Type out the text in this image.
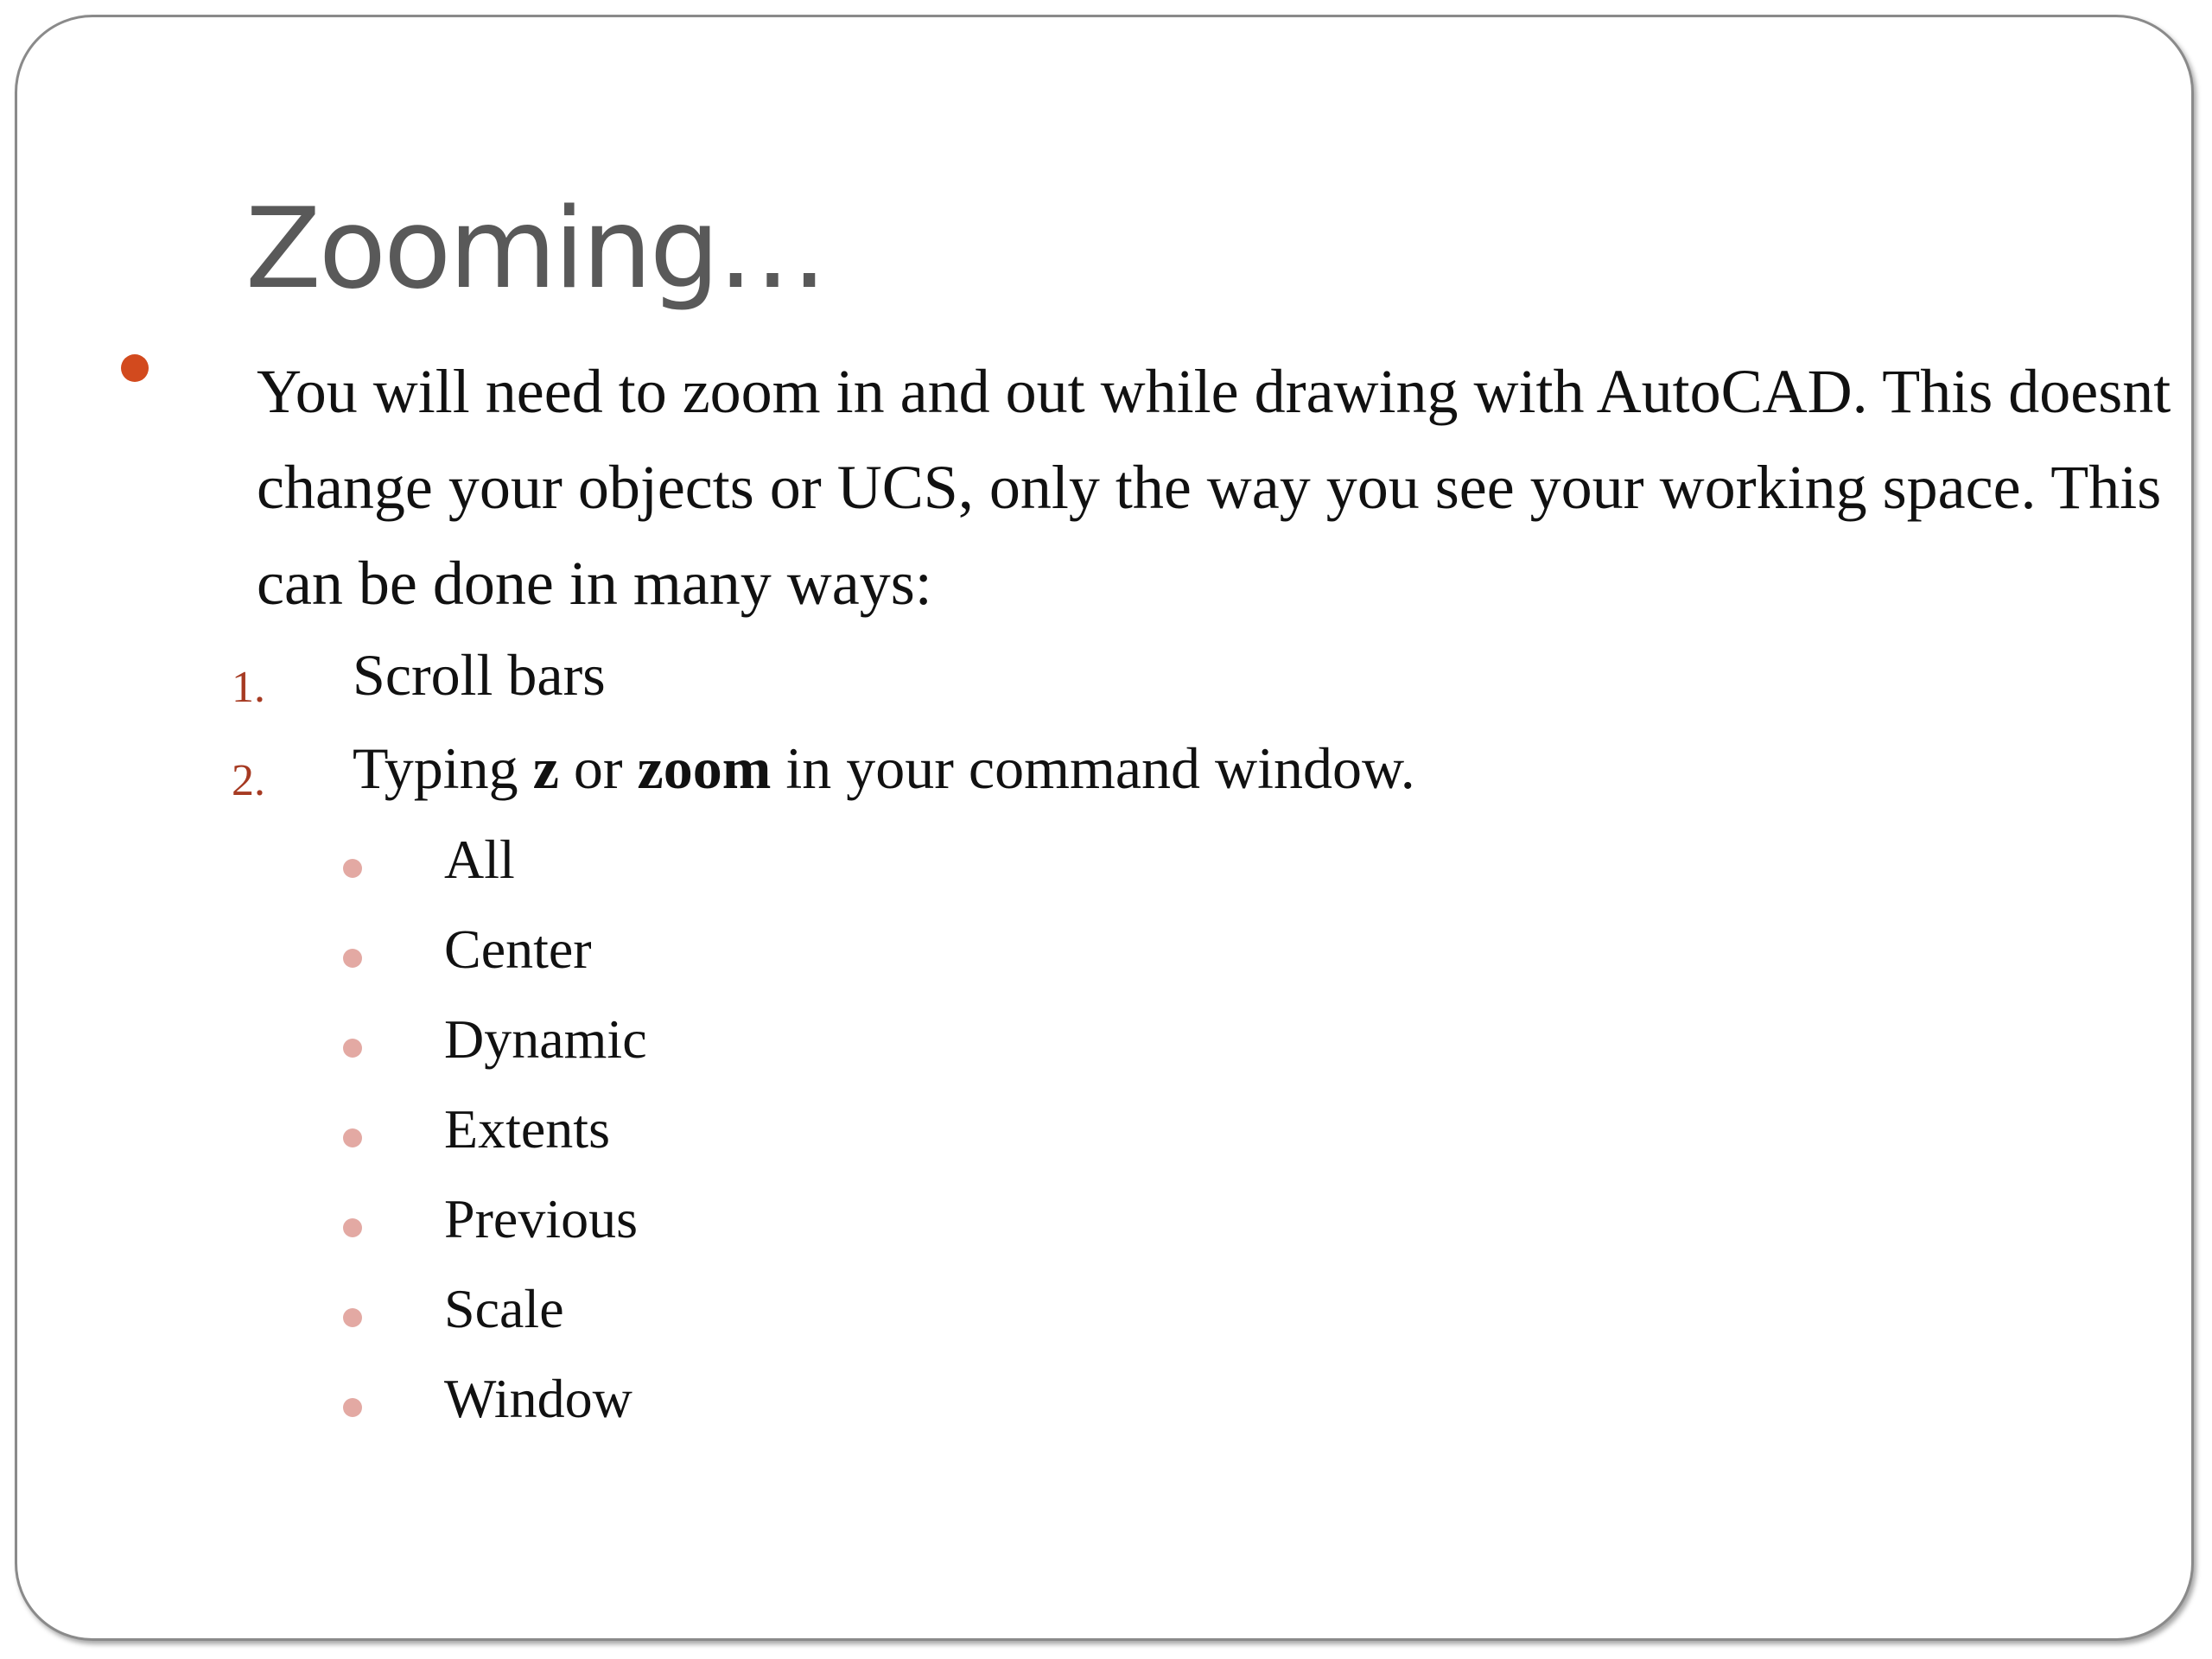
Zooming…

You will need to zoom in and out while drawing with AutoCAD. This doesnt change your objects or UCS, only the way you see your working space. This can be done in many ways:

1. Scroll bars
2. Typing z or zoom in your command window.
All
Center
Dynamic
Extents
Previous
Scale
Window
